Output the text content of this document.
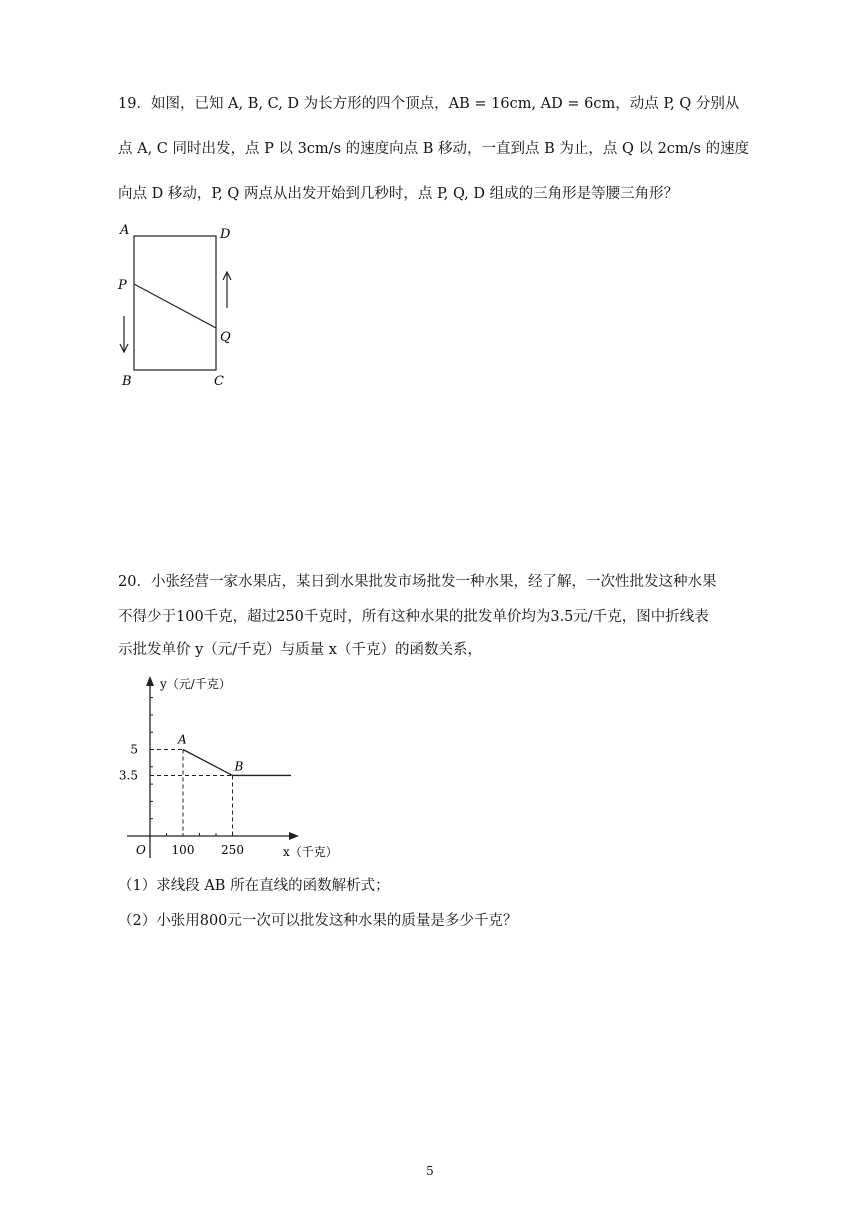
19．如图，已知 A, B, C, D 为长方形的四个顶点，AB = 16cm, AD = 6cm，动点 P, Q 分别从
点 A, C 同时出发，点 P 以 3cm/s 的速度向点 B 移动，一直到点 B 为止，点 Q 以 2cm/s 的速度
向点 D 移动，P, Q 两点从出发开始到几秒时，点 P, Q, D 组成的三角形是等腰三角形？
A	D
P
Q
B	C
20．小张经营一家水果店，某日到水果批发市场批发一种水果，经了解，一次性批发这种水果
不得少于100千克，超过250千克时，所有这种水果的批发单价均为3.5元/千克，图中折线表
示批发单价 y（元/千克）与质量 x（千克）的函数关系，
A
B
5
3.5
100 250
O	x（千克）
y（元/千克）
（1）求线段 AB 所在直线的函数解析式；
（2）小张用800元一次可以批发这种水果的质量是多少千克？
5
